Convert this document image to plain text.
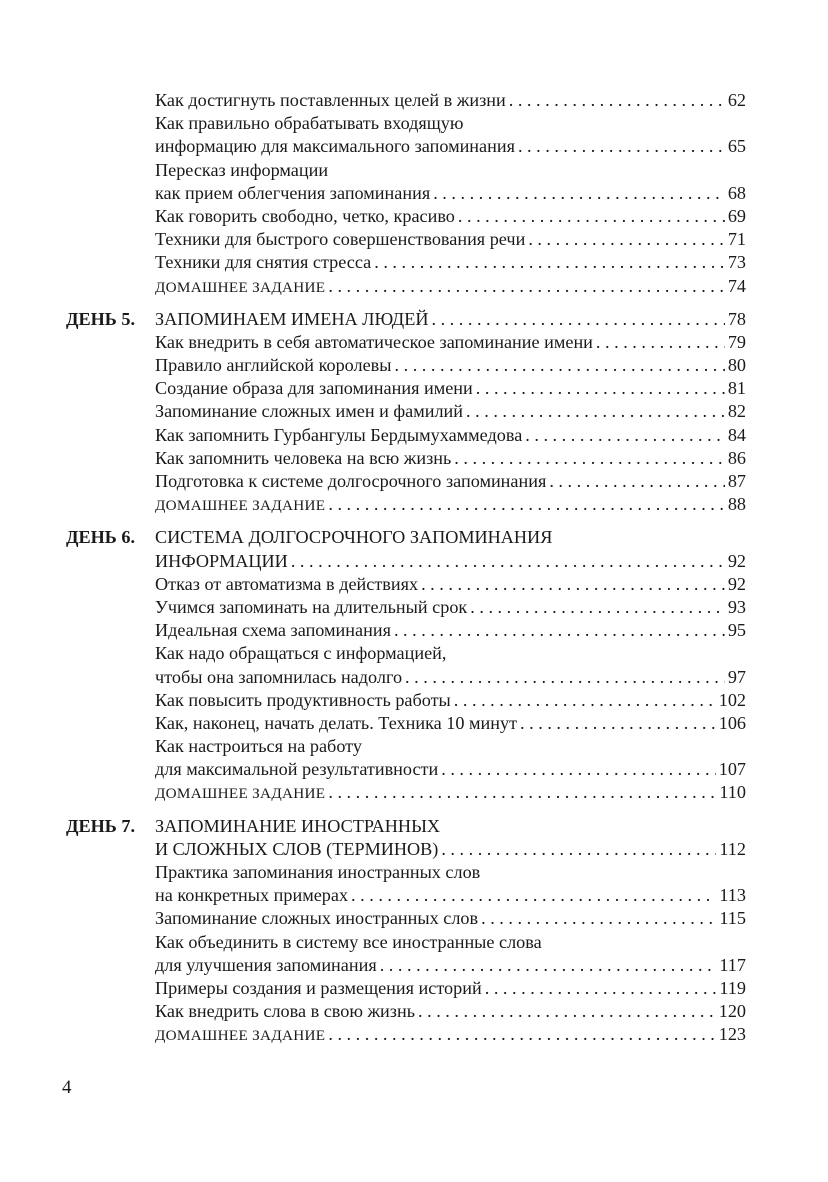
Как достигнуть поставленных целей в жизни . . .	62
Как правильно обрабатывать входящую
информацию для максимального запоминания . . .	65
Пересказ информации
как прием облегчения запоминания . . .	68
Как говорить свободно, четко, красиво . . .	69
Техники для быстрого совершенствования речи . . .	71
Техники для снятия стресса . . .	73
ДОМАШНЕЕ ЗАДАНИЕ . . .	74
ДЕНЬ 5.	ЗАПОМИНАЕМ ИМЕНА ЛЮДЕЙ . . .	78
Как внедрить в себя автоматическое запоминание имени . . .	79
Правило английской королевы . . .	80
Создание образа для запоминания имени . . .	81
Запоминание сложных имен и фамилий . . .	82
Как запомнить Гурбангулы Бердымухаммедова . . .	84
Как запомнить человека на всю жизнь . . .	86
Подготовка к системе долгосрочного запоминания . . .	87
ДОМАШНЕЕ ЗАДАНИЕ . . .	88
ДЕНЬ 6.	СИСТЕМА ДОЛГОСРОЧНОГО ЗАПОМИНАНИЯ
ИНФОРМАЦИИ . . .	92
Отказ от автоматизма в действиях . . .	92
Учимся запоминать на длительный срок . . .	93
Идеальная схема запоминания . . .	95
Как надо обращаться с информацией,
чтобы она запомнилась надолго . . .	97
Как повысить продуктивность работы . . .	102
Как, наконец, начать делать. Техника 10 минут . . .	106
Как настроиться на работу
для максимальной результативности . . .	107
ДОМАШНЕЕ ЗАДАНИЕ . . .	110
ДЕНЬ 7.	ЗАПОМИНАНИЕ ИНОСТРАННЫХ
И СЛОЖНЫХ СЛОВ (ТЕРМИНОВ) . . .	112
Практика запоминания иностранных слов
на конкретных примерах . . .	113
Запоминание сложных иностранных слов . . .	115
Как объединить в систему все иностранные слова
для улучшения запоминания . . .	117
Примеры создания и размещения историй . . .	119
Как внедрить слова в свою жизнь . . .	120
ДОМАШНЕЕ ЗАДАНИЕ . . .	123
4
